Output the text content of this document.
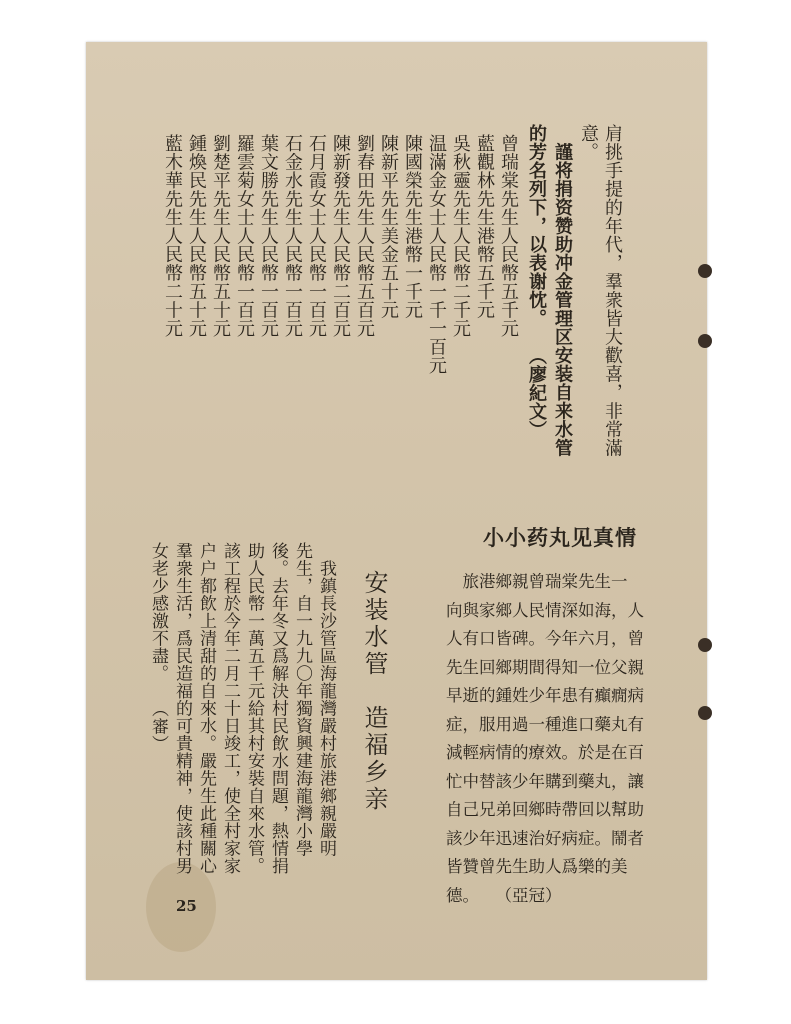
肩挑手提的年代，羣衆皆大歡喜，非常滿
意。
　謹将捐资赞助冲金管理区安装自来水管
的芳名列下，以表谢忱。　　（廖紀文）
曾瑞棠先生人民幣五千元
藍觀林先生港幣五千元
吳秋靈先生人民幣二千元
温滿金女士人民幣一千一百元
陳國榮先生港幣一千元
陳新平先生美金五十元
劉春田先生人民幣五百元
陳新發先生人民幣二百元
石月霞女士人民幣一百元
石金水先生人民幣一百元
葉文勝先生人民幣一百元
羅雲菊女士人民幣一百元
劉楚平先生人民幣五十元
鍾煥民先生人民幣五十元
藍木華先生人民幣二十元
小小药丸见真情
　旅港鄉親曾瑞棠先生一
向與家鄉人民情深如海，人
人有口皆碑。今年六月，曾
先生回鄉期間得知一位父親
早逝的鍾姓少年患有癲癇病
症，服用過一種進口藥丸有
減輕病情的療效。於是在百
忙中替該少年購到藥丸，讓
自己兄弟回鄉時帶回以幫助
該少年迅速治好病症。鬧者
皆贊曾先生助人爲樂的美
德。　　（亞冠）
安装水管　造福乡亲
　我鎮長沙管區海龍灣嚴村旅港鄉親嚴明
先生，自一九九〇年獨資興建海龍灣小學
後。去年冬又爲解決村民飲水問題，熱情捐
助人民幣一萬五千元給其村安裝自來水管。
該工程於今年二月二十日竣工，使全村家家
户户都飲上清甜的自來水。嚴先生此種關心
羣衆生活，爲民造福的可貴精神，使該村男
女老少感激不盡。　　（審）
25
